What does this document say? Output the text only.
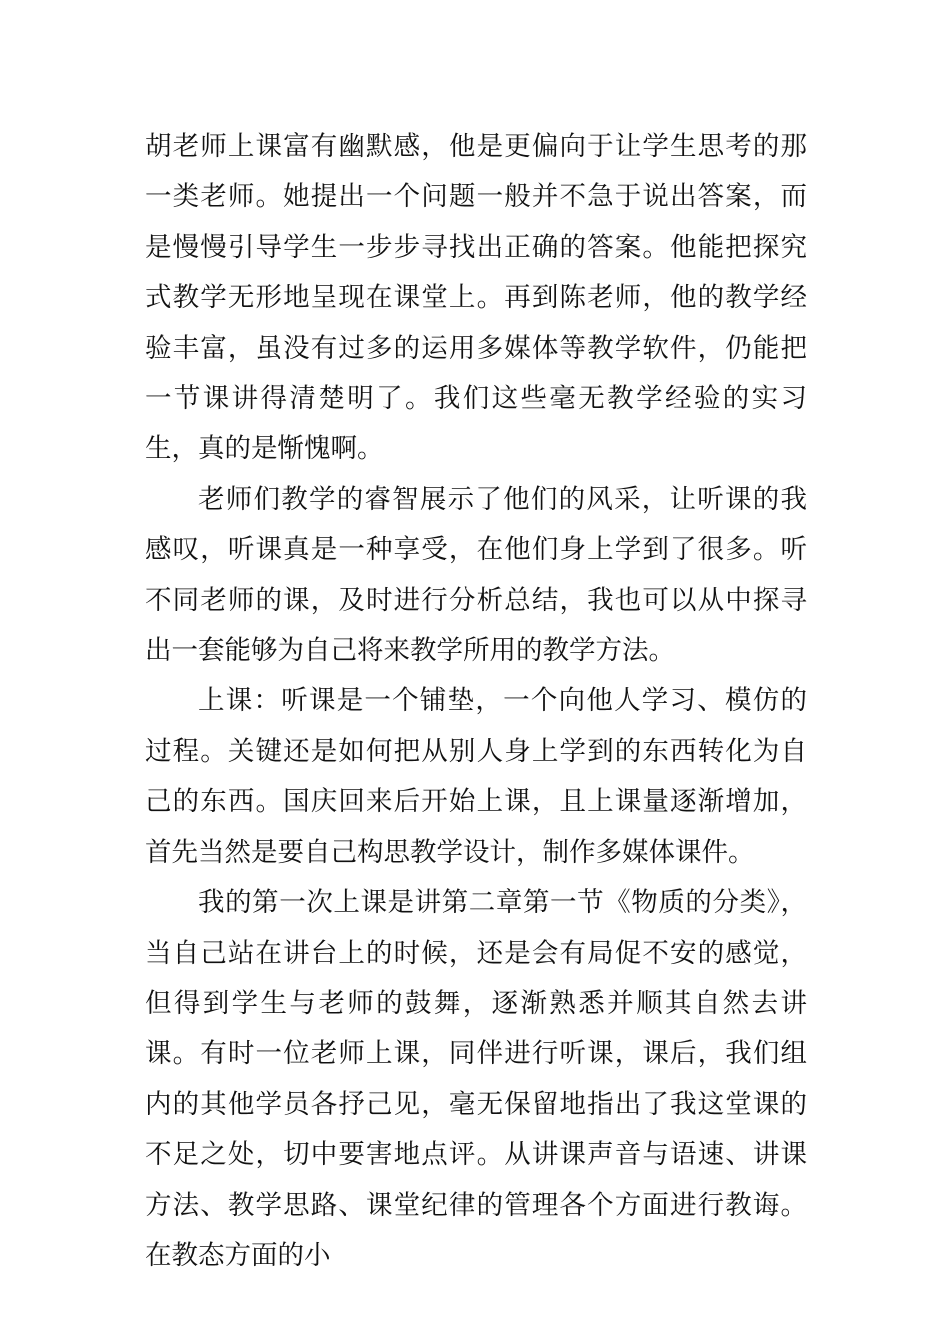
胡老师上课富有幽默感，他是更偏向于让学生思考的那一类老师。她提出一个问题一般并不急于说出答案，而是慢慢引导学生一步步寻找出正确的答案。他能把探究式教学无形地呈现在课堂上。再到陈老师，他的教学经验丰富，虽没有过多的运用多媒体等教学软件，仍能把一节课讲得清楚明了。我们这些毫无教学经验的实习生，真的是惭愧啊。

老师们教学的睿智展示了他们的风采，让听课的我感叹，听课真是一种享受，在他们身上学到了很多。听不同老师的课，及时进行分析总结，我也可以从中探寻出一套能够为自己将来教学所用的教学方法。

上课：听课是一个铺垫，一个向他人学习、模仿的过程。关键还是如何把从别人身上学到的东西转化为自己的东西。国庆回来后开始上课，且上课量逐渐增加，首先当然是要自己构思教学设计，制作多媒体课件。

我的第一次上课是讲第二章第一节《物质的分类》，当自己站在讲台上的时候，还是会有局促不安的感觉，但得到学生与老师的鼓舞，逐渐熟悉并顺其自然去讲课。有时一位老师上课，同伴进行听课，课后，我们组内的其他学员各抒己见，毫无保留地指出了我这堂课的不足之处，切中要害地点评。从讲课声音与语速、讲课方法、教学思路、课堂纪律的管理各个方面进行教诲。在教态方面的小
